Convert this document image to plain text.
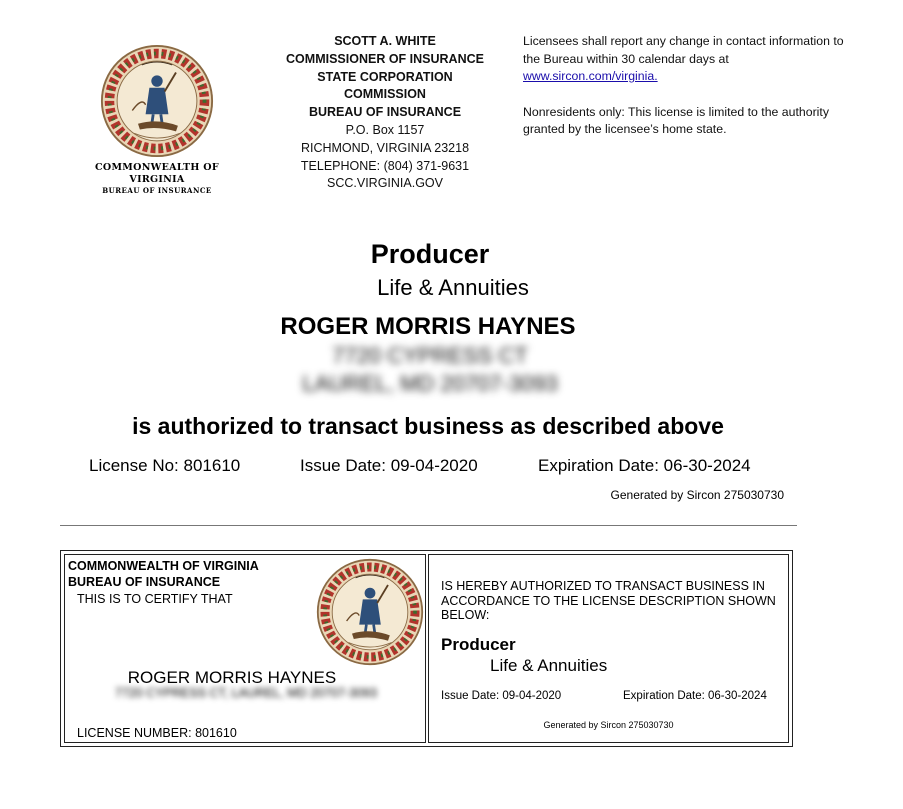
COMMONWEALTH OF
VIRGINIA
BUREAU OF INSURANCE
SCOTT A. WHITE
COMMISSIONER OF INSURANCE
STATE CORPORATION
COMMISSION
BUREAU OF INSURANCE
P.O. Box 1157
RICHMOND, VIRGINIA 23218
TELEPHONE: (804) 371-9631
SCC.VIRGINIA.GOV
Licensees shall report any change in contact information to the Bureau within 30 calendar days at www.sircon.com/virginia.
Nonresidents only: This license is limited to the authority granted by the licensee’s home state.
Producer
Life & Annuities
ROGER MORRIS HAYNES
7720 CYPRESS CT
LAUREL, MD 20707-3093
is authorized to transact business as described above
License No: 801610	Issue Date: 09-04-2020	Expiration Date: 06-30-2024
Generated by Sircon 275030730
COMMONWEALTH OF VIRGINIA
BUREAU OF INSURANCE
THIS IS TO CERTIFY THAT
ROGER MORRIS HAYNES
7720 CYPRESS CT, LAUREL, MD 20707-3093
LICENSE NUMBER: 801610
IS HEREBY AUTHORIZED TO TRANSACT BUSINESS IN ACCORDANCE TO THE LICENSE DESCRIPTION SHOWN BELOW:
Producer
Life & Annuities
Issue Date: 09-04-2020	Expiration Date: 06-30-2024
Generated by Sircon 275030730
